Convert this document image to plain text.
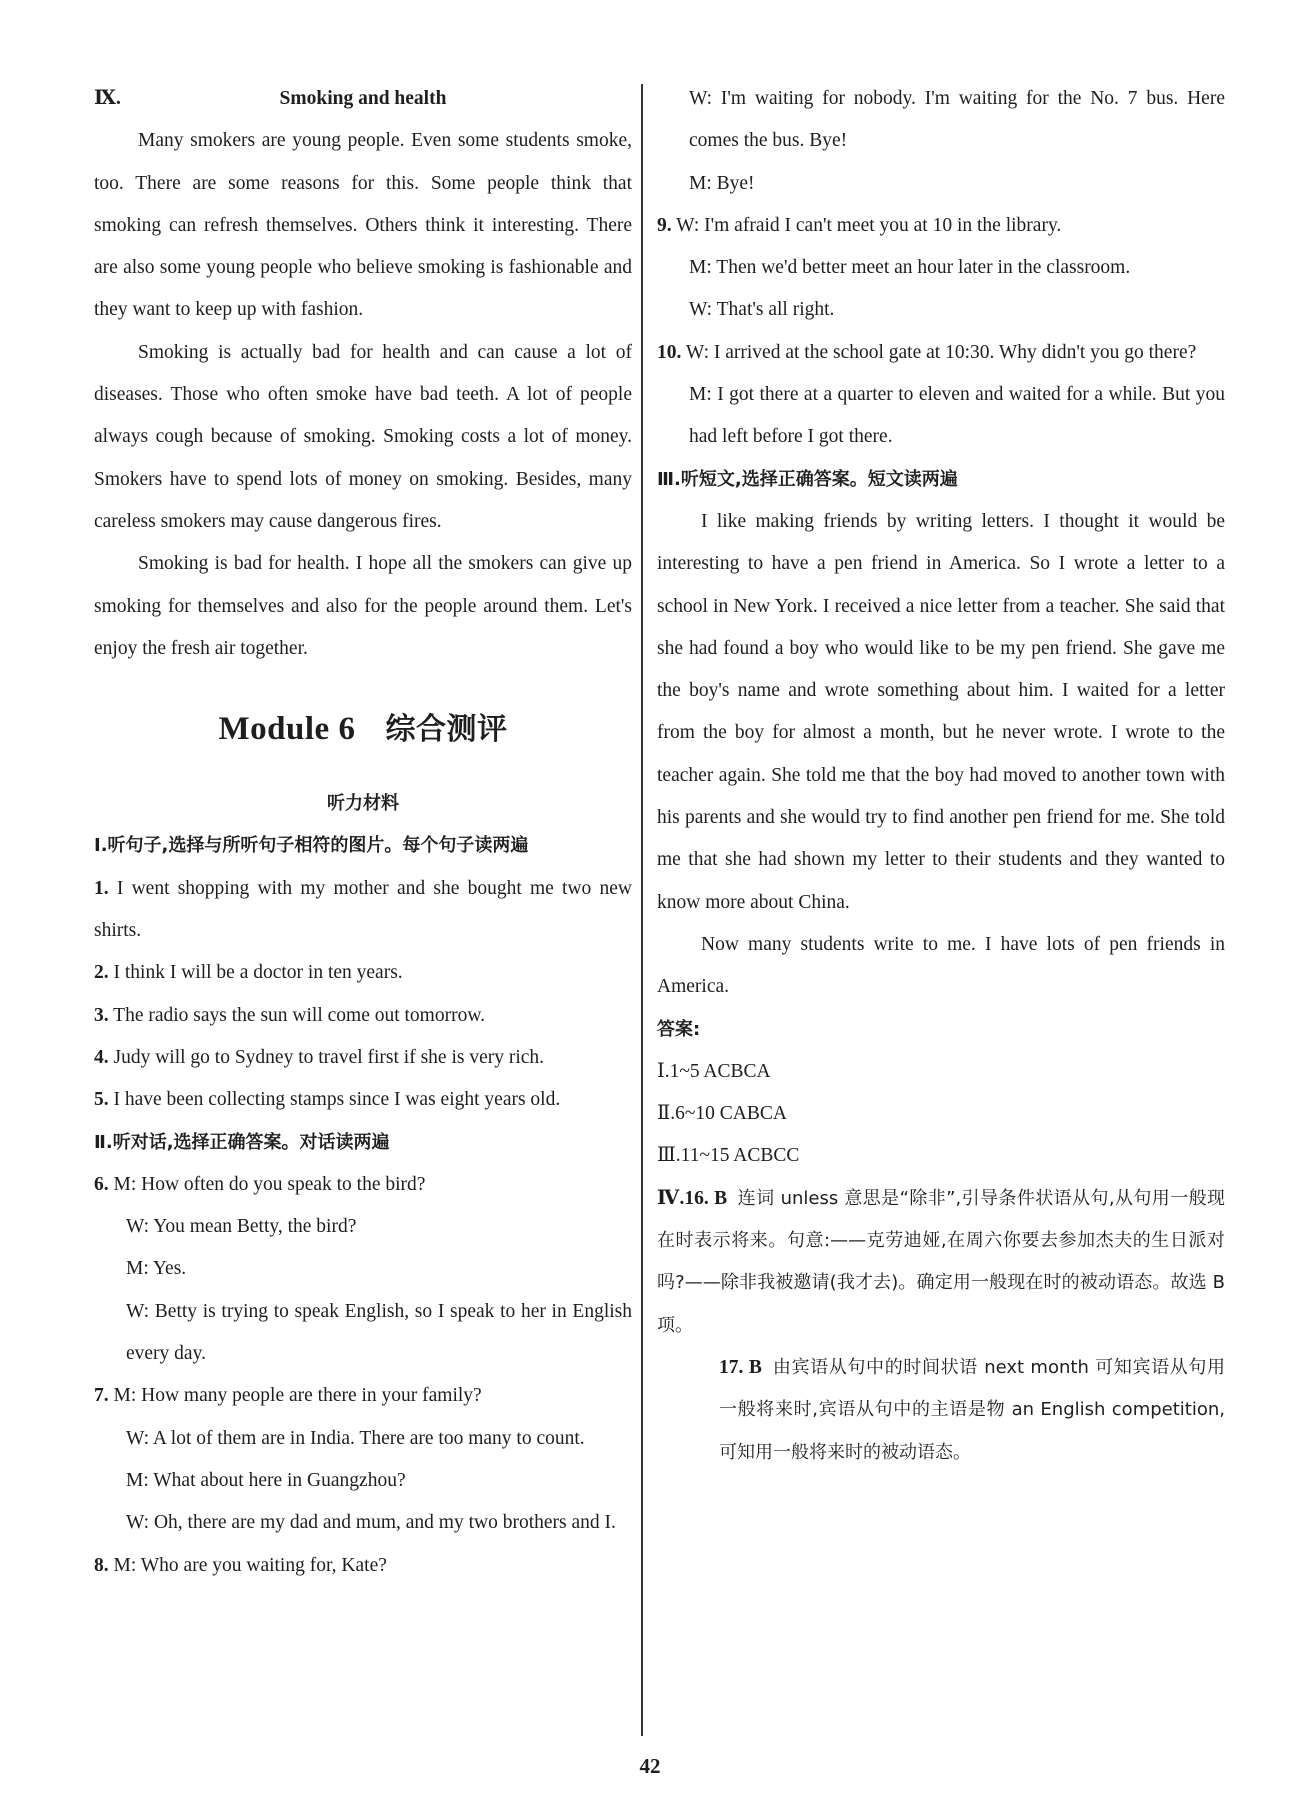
Ⅸ.	Smoking and health

Many smokers are young people. Even some students smoke, too. There are some reasons for this. Some people think that smoking can refresh themselves. Others think it interesting. There are also some young people who believe smoking is fashionable and they want to keep up with fashion.

Smoking is actually bad for health and can cause a lot of diseases. Those who often smoke have bad teeth. A lot of people always cough because of smoking. Smoking costs a lot of money. Smokers have to spend lots of money on smoking. Besides, many careless smokers may cause dangerous fires.

Smoking is bad for health. I hope all the smokers can give up smoking for themselves and also for the people around them. Let's enjoy the fresh air together.

Module 6 综合测评
听力材料
Ⅰ.听句子,选择与所听句子相符的图片。每个句子读两遍

1. I went shopping with my mother and she bought me two new shirts.

2. I think I will be a doctor in ten years.

3. The radio says the sun will come out tomorrow.

4. Judy will go to Sydney to travel first if she is very rich.

5. I have been collecting stamps since I was eight years old.

Ⅱ.听对话,选择正确答案。对话读两遍

6. M: How often do you speak to the bird?

W: You mean Betty, the bird?

M: Yes.

W: Betty is trying to speak English, so I speak to her in English every day.

7. M: How many people are there in your family?

W: A lot of them are in India. There are too many to count.

M: What about here in Guangzhou?

W: Oh, there are my dad and mum, and my two brothers and I.

8. M: Who are you waiting for, Kate?

W: I'm waiting for nobody. I'm waiting for the No. 7 bus. Here comes the bus. Bye!

M: Bye!

9. W: I'm afraid I can't meet you at 10 in the library.

M: Then we'd better meet an hour later in the classroom.

W: That's all right.

10. W: I arrived at the school gate at 10:30. Why didn't you go there?

M: I got there at a quarter to eleven and waited for a while. But you had left before I got there.

Ⅲ.听短文,选择正确答案。短文读两遍

I like making friends by writing letters. I thought it would be interesting to have a pen friend in America. So I wrote a letter to a school in New York. I received a nice letter from a teacher. She said that she had found a boy who would like to be my pen friend. She gave me the boy's name and wrote something about him. I waited for a letter from the boy for almost a month, but he never wrote. I wrote to the teacher again. She told me that the boy had moved to another town with his parents and she would try to find another pen friend for me. She told me that she had shown my letter to their students and they wanted to know more about China.

Now many students write to me. I have lots of pen friends in America.

答案:

Ⅰ.1~5 ACBCA

Ⅱ.6~10 CABCA

Ⅲ.11~15 ACBCC

Ⅳ.16. B 连词 unless 意思是“除非”,引导条件状语从句,从句用一般现在时表示将来。句意:——克劳迪娅,在周六你要去参加杰夫的生日派对吗?——除非我被邀请(我才去)。确定用一般现在时的被动语态。故选 B 项。

17. B 由宾语从句中的时间状语 next month 可知宾语从句用一般将来时,宾语从句中的主语是物 an English competition,可知用一般将来时的被动语态。

42
